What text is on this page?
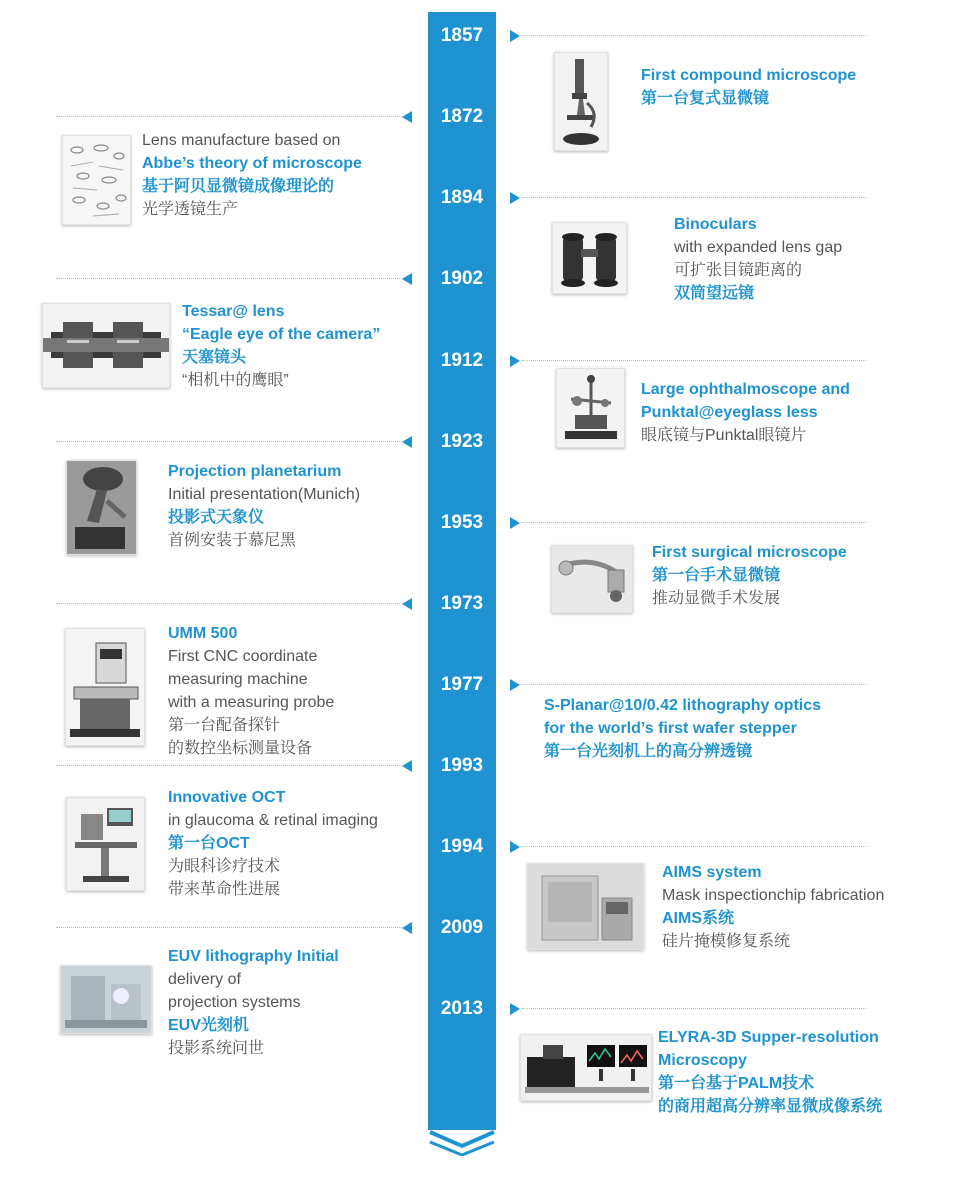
1857
1872
1894
1902
1912
1923
1953
1973
1977
1993
1994
2009
2013
First compound microscope
第一台复式显微镜
Lens manufacture based on
Abbe’s theory of microscope
基于阿贝显微镜成像理论的
光学透镜生产
Binoculars
with expanded lens gap
可扩张目镜距离的
双筒望远镜
Tessar@ lens
“Eagle eye of the camera”
天塞镜头
“相机中的鹰眼”
Large ophthalmoscope and
Punktal@eyeglass less
眼底镜与Punktal眼镜片
Projection planetarium
Initial presentation(Munich)
投影式天象仪
首例安装于慕尼黑
First surgical microscope
第一台手术显微镜
推动显微手术发展
UMM 500
First CNC coordinate
measuring machine
with a measuring probe
第一台配备探针
的数控坐标测量设备
S-Planar@10/0.42 lithography optics
for the world’s first wafer stepper
第一台光刻机上的高分辨透镜
Innovative OCT
in glaucoma & retinal imaging
第一台OCT
为眼科诊疗技术
带来革命性进展
AIMS system
Mask inspectionchip fabrication
AIMS系统
硅片掩模修复系统
EUV lithography Initial
delivery of
projection systems
EUV光刻机
投影系统问世
ELYRA-3D Supper-resolution
Microscopy
第一台基于PALM技术
的商用超高分辨率显微成像系统
